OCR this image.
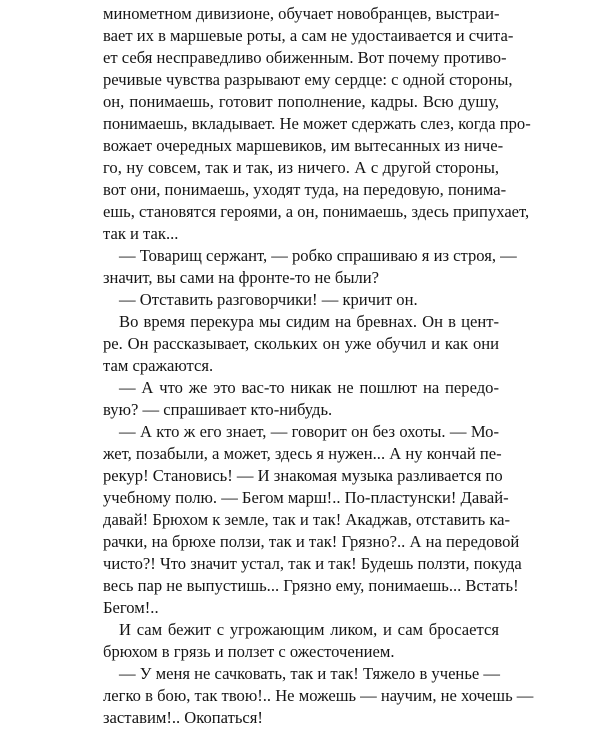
минометном дивизионе, обучает новобранцев, выстраи-
вает их в маршевые роты, а сам не удостаивается и счита-
ет себя несправедливо обиженным. Вот почему противо-
речивые чувства разрывают ему сердце: с одной стороны,
он, понимаешь, готовит пополнение, кадры. Всю душу,
понимаешь, вкладывает. Не может сдержать слез, когда про-
вожает очередных маршевиков, им вытесанных из ниче-
го, ну совсем, так и так, из ничего. А с другой стороны,
вот они, понимаешь, уходят туда, на передовую, понима-
ешь, становятся героями, а он, понимаешь, здесь припухает,
так и так...
— Товарищ сержант, — робко спрашиваю я из строя, —
значит, вы сами на фронте-то не были?
— Отставить разговорчики! — кричит он.
Во время перекура мы сидим на бревнах. Он в цент-
ре. Он рассказывает, скольких он уже обучил и как они
там сражаются.
— А что же это вас-то никак не пошлют на передо-
вую? — спрашивает кто-нибудь.
— А кто ж его знает, — говорит он без охоты. — Мо-
жет, позабыли, а может, здесь я нужен... А ну кончай пе-
рекур! Становись! — И знакомая музыка разливается по
учебному полю. — Бегом марш!.. По-пластунски! Давай-
давай! Брюхом к земле, так и так! Акаджав, отставить ка-
рачки, на брюхе ползи, так и так! Грязно?.. А на передовой
чисто?! Что значит устал, так и так! Будешь ползти, покуда
весь пар не выпустишь... Грязно ему, понимаешь... Встать!
Бегом!..
И сам бежит с угрожающим ликом, и сам бросается
брюхом в грязь и ползет с ожесточением.
— У меня не сачковать, так и так! Тяжело в ученье —
легко в бою, так твою!.. Не можешь — научим, не хочешь —
заставим!.. Окопаться!
